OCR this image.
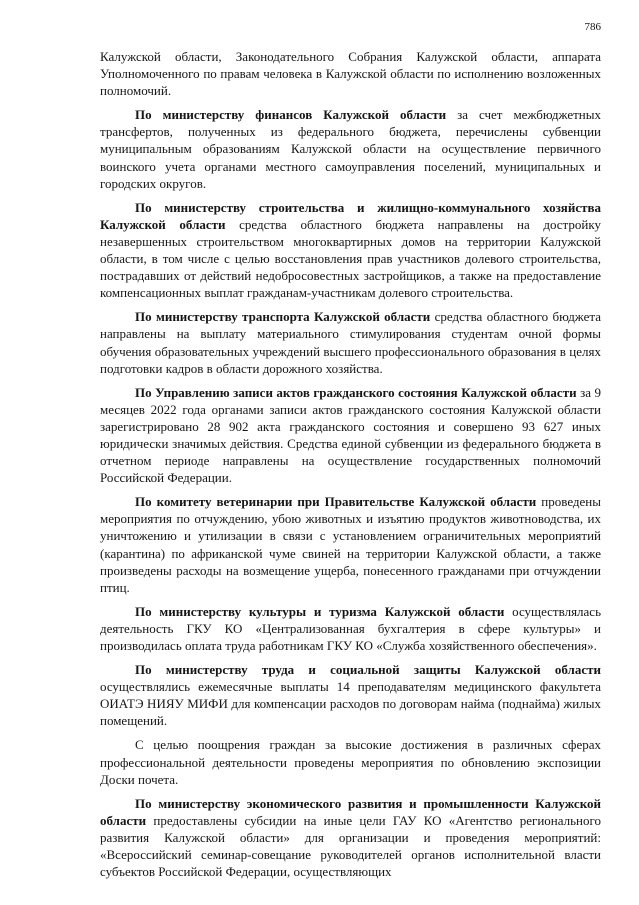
786

Калужской области, Законодательного Собрания Калужской области, аппарата Уполномоченного по правам человека в Калужской области по исполнению возложенных полномочий.

По министерству финансов Калужской области за счет межбюджетных трансфертов, полученных из федерального бюджета, перечислены субвенции муниципальным образованиям Калужской области на осуществление первичного воинского учета органами местного самоуправления поселений, муниципальных и городских округов.

По министерству строительства и жилищно-коммунального хозяйства Калужской области средства областного бюджета направлены на достройку незавершенных строительством многоквартирных домов на территории Калужской области, в том числе с целью восстановления прав участников долевого строительства, пострадавших от действий недобросовестных застройщиков, а также на предоставление компенсационных выплат гражданам-участникам долевого строительства.

По министерству транспорта Калужской области средства областного бюджета направлены на выплату материального стимулирования студентам очной формы обучения образовательных учреждений высшего профессионального образования в целях подготовки кадров в области дорожного хозяйства.

По Управлению записи актов гражданского состояния Калужской области за 9 месяцев 2022 года органами записи актов гражданского состояния Калужской области зарегистрировано 28 902 акта гражданского состояния и совершено 93 627 иных юридически значимых действия. Средства единой субвенции из федерального бюджета в отчетном периоде направлены на осуществление государственных полномочий Российской Федерации.

По комитету ветеринарии при Правительстве Калужской области проведены мероприятия по отчуждению, убою животных и изъятию продуктов животноводства, их уничтожению и утилизации в связи с установлением ограничительных мероприятий (карантина) по африканской чуме свиней на территории Калужской области, а также произведены расходы на возмещение ущерба, понесенного гражданами при отчуждении птиц.

По министерству культуры и туризма Калужской области осуществлялась деятельность ГКУ КО «Централизованная бухгалтерия в сфере культуры» и производилась оплата труда работникам ГКУ КО «Служба хозяйственного обеспечения».

По министерству труда и социальной защиты Калужской области осуществлялись ежемесячные выплаты 14 преподавателям медицинского факультета ОИАТЭ НИЯУ МИФИ для компенсации расходов по договорам найма (поднайма) жилых помещений.

С целью поощрения граждан за высокие достижения в различных сферах профессиональной деятельности проведены мероприятия по обновлению экспозиции Доски почета.

По министерству экономического развития и промышленности Калужской области предоставлены субсидии на иные цели ГАУ КО «Агентство регионального развития Калужской области» для организации и проведения мероприятий: «Всероссийский семинар-совещание руководителей органов исполнительной власти субъектов Российской Федерации, осуществляющих
